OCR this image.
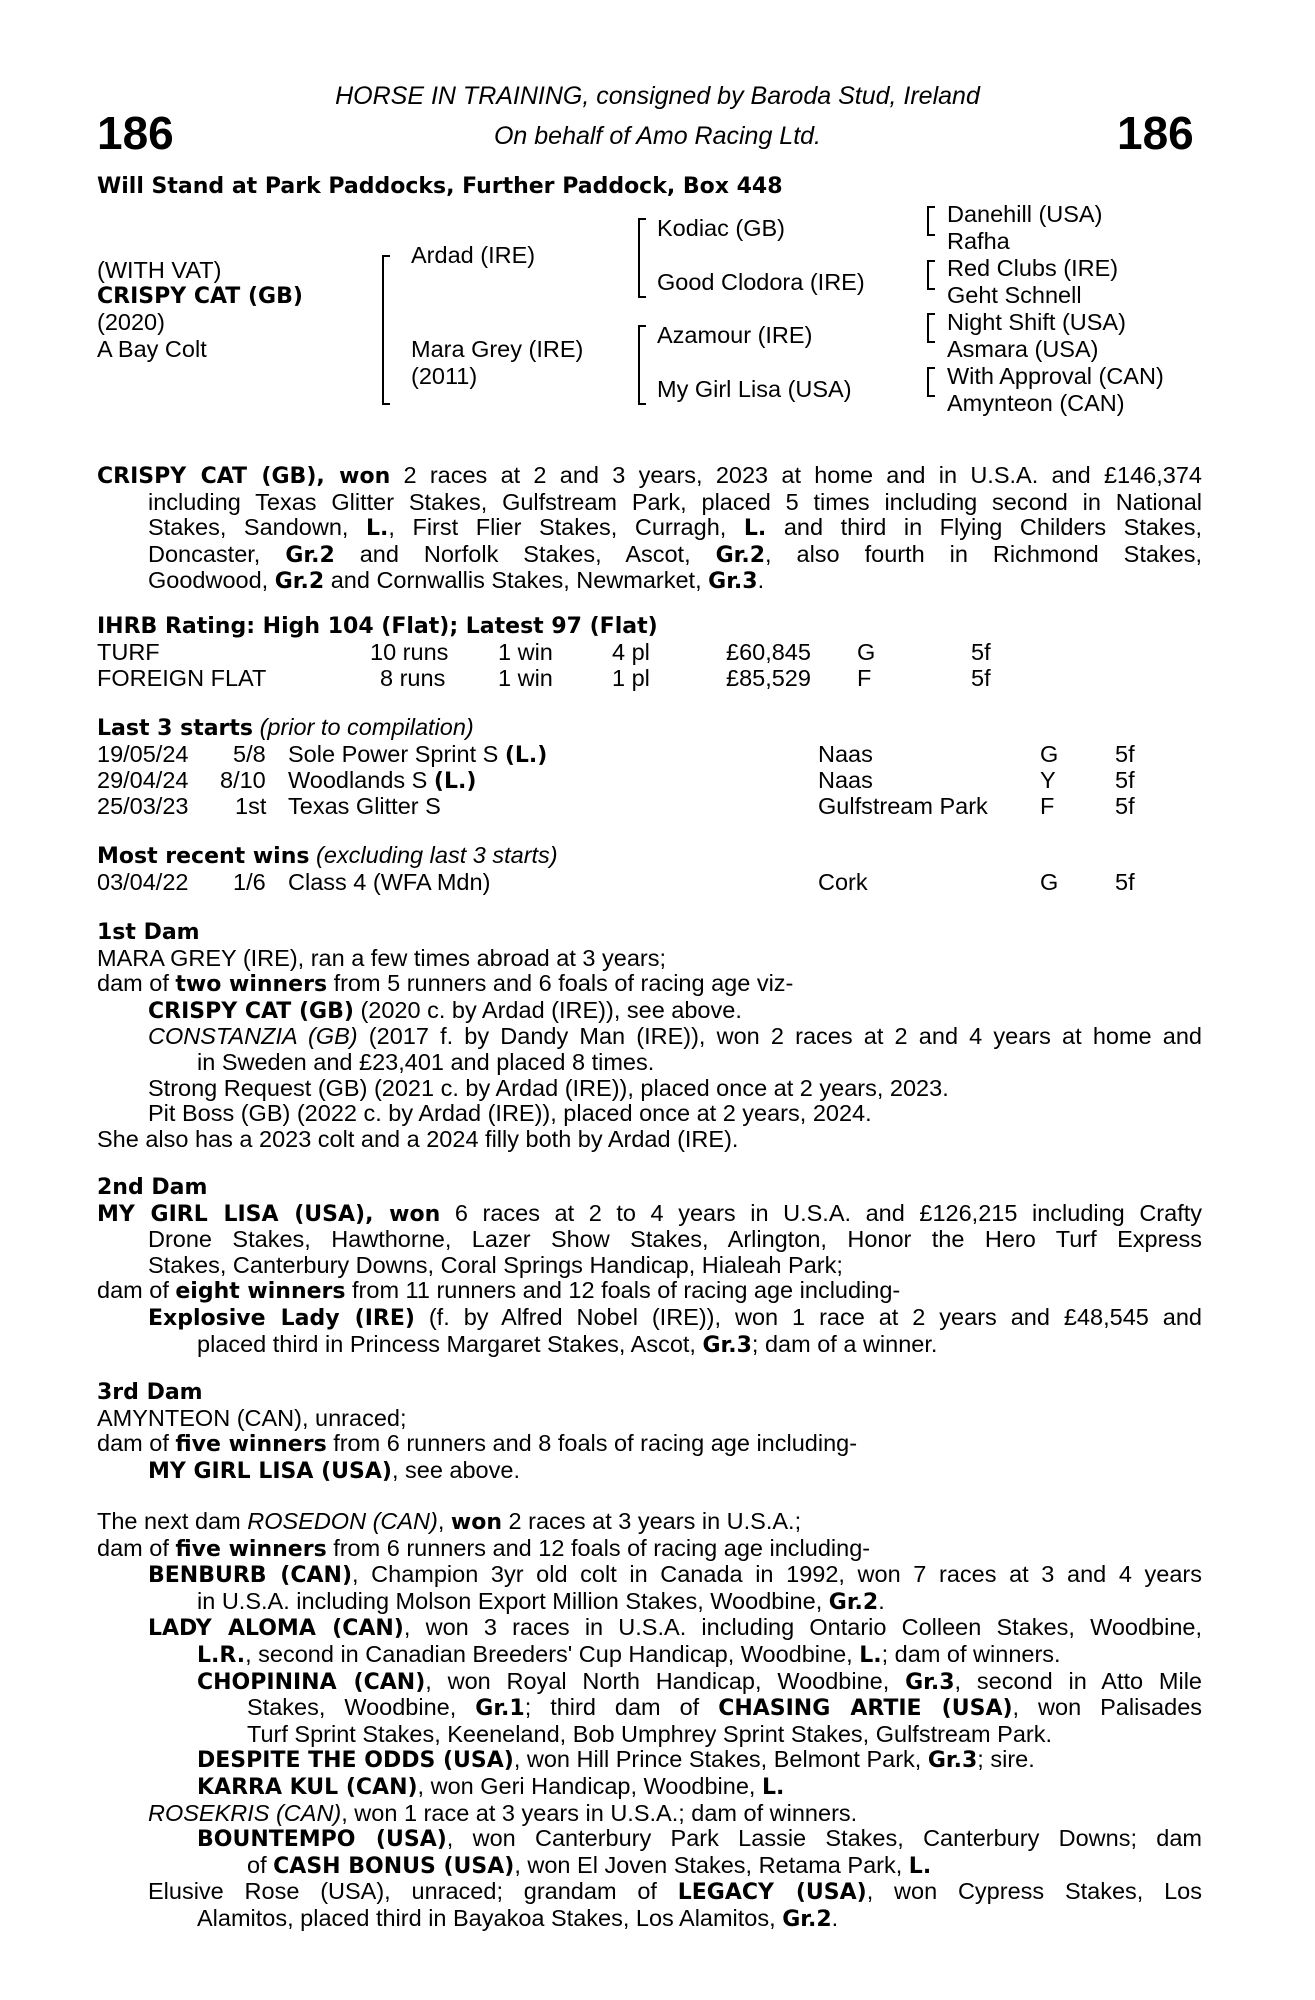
186	186
HORSE IN TRAINING, consigned by Baroda Stud, Ireland
On behalf of Amo Racing Ltd.
Will Stand at Park Paddocks, Further Paddock, Box 448
(WITH VAT)
CRISPY CAT (GB)
(2020)
A Bay Colt
Ardad (IRE)
Mara Grey (IRE)
(2011)
Kodiac (GB)
Good Clodora (IRE)
Azamour (IRE)
My Girl Lisa (USA)
Danehill (USA)
Rafha
Red Clubs (IRE)
Geht Schnell
Night Shift (USA)
Asmara (USA)
With Approval (CAN)
Amynteon (CAN)
CRISPY CAT (GB), won 2 races at 2 and 3 years, 2023 at home and in U.S.A. and £146,374
including Texas Glitter Stakes, Gulfstream Park, placed 5 times including second in National
Stakes, Sandown, L., First Flier Stakes, Curragh, L. and third in Flying Childers Stakes,
Doncaster, Gr.2 and Norfolk Stakes, Ascot, Gr.2, also fourth in Richmond Stakes,
Goodwood, Gr.2 and Cornwallis Stakes, Newmarket, Gr.3.
IHRB Rating: High 104 (Flat); Latest 97 (Flat)
TURF	10 runs 1 win	4 pl	£60,845 G	5f
FOREIGN FLAT	8 runs 1 win	1 pl	£85,529 F	5f
Last 3 starts (prior to compilation)
19/05/24 5/8 Sole Power Sprint S (L.)	Naas	G 5f
29/04/24 8/10 Woodlands S (L.)	Naas	Y	5f
25/03/23 1st Texas Glitter S	Gulfstream Park F	5f
Most recent wins (excluding last 3 starts)
03/04/22 1/6 Class 4 (WFA Mdn)	Cork	G 5f
1st Dam
MARA GREY (IRE), ran a few times abroad at 3 years;
dam of two winners from 5 runners and 6 foals of racing age viz-
CRISPY CAT (GB) (2020 c. by Ardad (IRE)), see above.
CONSTANZIA (GB) (2017 f. by Dandy Man (IRE)), won 2 races at 2 and 4 years at home and
in Sweden and £23,401 and placed 8 times.
Strong Request (GB) (2021 c. by Ardad (IRE)), placed once at 2 years, 2023.
Pit Boss (GB) (2022 c. by Ardad (IRE)), placed once at 2 years, 2024.
She also has a 2023 colt and a 2024 filly both by Ardad (IRE).
2nd Dam
MY GIRL LISA (USA), won 6 races at 2 to 4 years in U.S.A. and £126,215 including Crafty
Drone Stakes, Hawthorne, Lazer Show Stakes, Arlington, Honor the Hero Turf Express
Stakes, Canterbury Downs, Coral Springs Handicap, Hialeah Park;
dam of eight winners from 11 runners and 12 foals of racing age including-
Explosive Lady (IRE) (f. by Alfred Nobel (IRE)), won 1 race at 2 years and £48,545 and
placed third in Princess Margaret Stakes, Ascot, Gr.3; dam of a winner.
3rd Dam
AMYNTEON (CAN), unraced;
dam of five winners from 6 runners and 8 foals of racing age including-
MY GIRL LISA (USA), see above.
The next dam ROSEDON (CAN), won 2 races at 3 years in U.S.A.;
dam of five winners from 6 runners and 12 foals of racing age including-
BENBURB (CAN), Champion 3yr old colt in Canada in 1992, won 7 races at 3 and 4 years
in U.S.A. including Molson Export Million Stakes, Woodbine, Gr.2.
LADY ALOMA (CAN), won 3 races in U.S.A. including Ontario Colleen Stakes, Woodbine,
L.R., second in Canadian Breeders' Cup Handicap, Woodbine, L.; dam of winners.
CHOPININA (CAN), won Royal North Handicap, Woodbine, Gr.3, second in Atto Mile
Stakes, Woodbine, Gr.1; third dam of CHASING ARTIE (USA), won Palisades
Turf Sprint Stakes, Keeneland, Bob Umphrey Sprint Stakes, Gulfstream Park.
DESPITE THE ODDS (USA), won Hill Prince Stakes, Belmont Park, Gr.3; sire.
KARRA KUL (CAN), won Geri Handicap, Woodbine, L.
ROSEKRIS (CAN), won 1 race at 3 years in U.S.A.; dam of winners.
BOUNTEMPO (USA), won Canterbury Park Lassie Stakes, Canterbury Downs; dam
of CASH BONUS (USA), won El Joven Stakes, Retama Park, L.
Elusive Rose (USA), unraced; grandam of LEGACY (USA), won Cypress Stakes, Los
Alamitos, placed third in Bayakoa Stakes, Los Alamitos, Gr.2.
